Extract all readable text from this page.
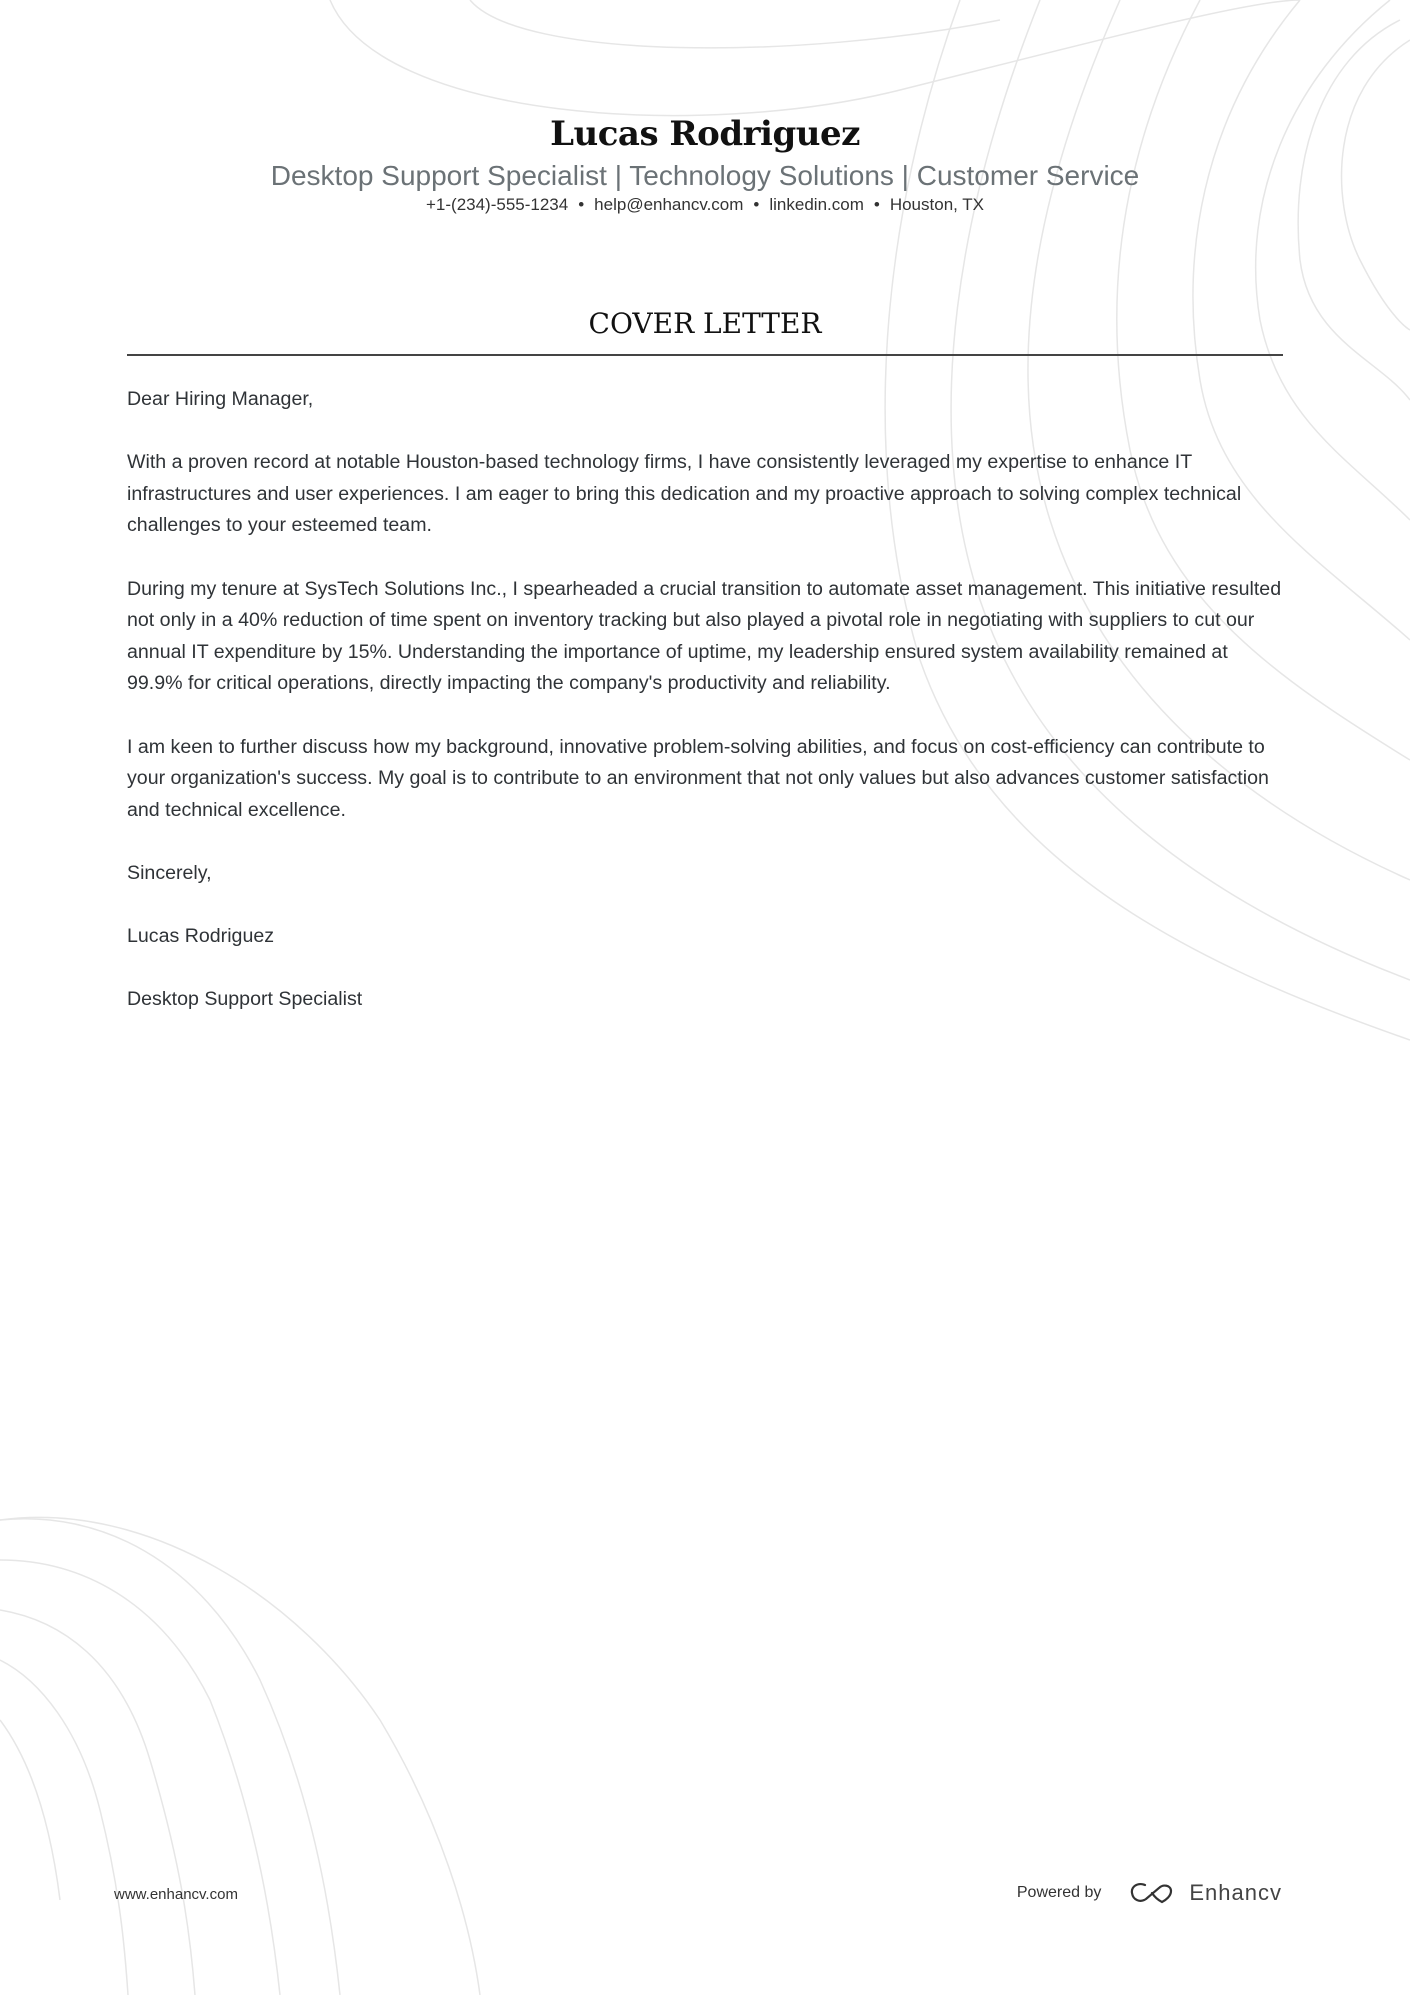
Lucas Rodriguez
Desktop Support Specialist | Technology Solutions | Customer Service
+1-(234)-555-1234 • help@enhancv.com • linkedin.com • Houston, TX
COVER LETTER

Dear Hiring Manager,

With a proven record at notable Houston-based technology firms, I have consistently leveraged my expertise to enhance IT infrastructures and user experiences. I am eager to bring this dedication and my proactive approach to solving complex technical challenges to your esteemed team.

During my tenure at SysTech Solutions Inc., I spearheaded a crucial transition to automate asset management. This initiative resulted not only in a 40% reduction of time spent on inventory tracking but also played a pivotal role in negotiating with suppliers to cut our annual IT expenditure by 15%. Understanding the importance of uptime, my leadership ensured system availability remained at 99.9% for critical operations, directly impacting the company's productivity and reliability.

I am keen to further discuss how my background, innovative problem-solving abilities, and focus on cost-efficiency can contribute to your organization's success. My goal is to contribute to an environment that not only values but also advances customer satisfaction and technical excellence.

Sincerely,

Lucas Rodriguez

Desktop Support Specialist

www.enhancv.com	Powered by	Enhancv
